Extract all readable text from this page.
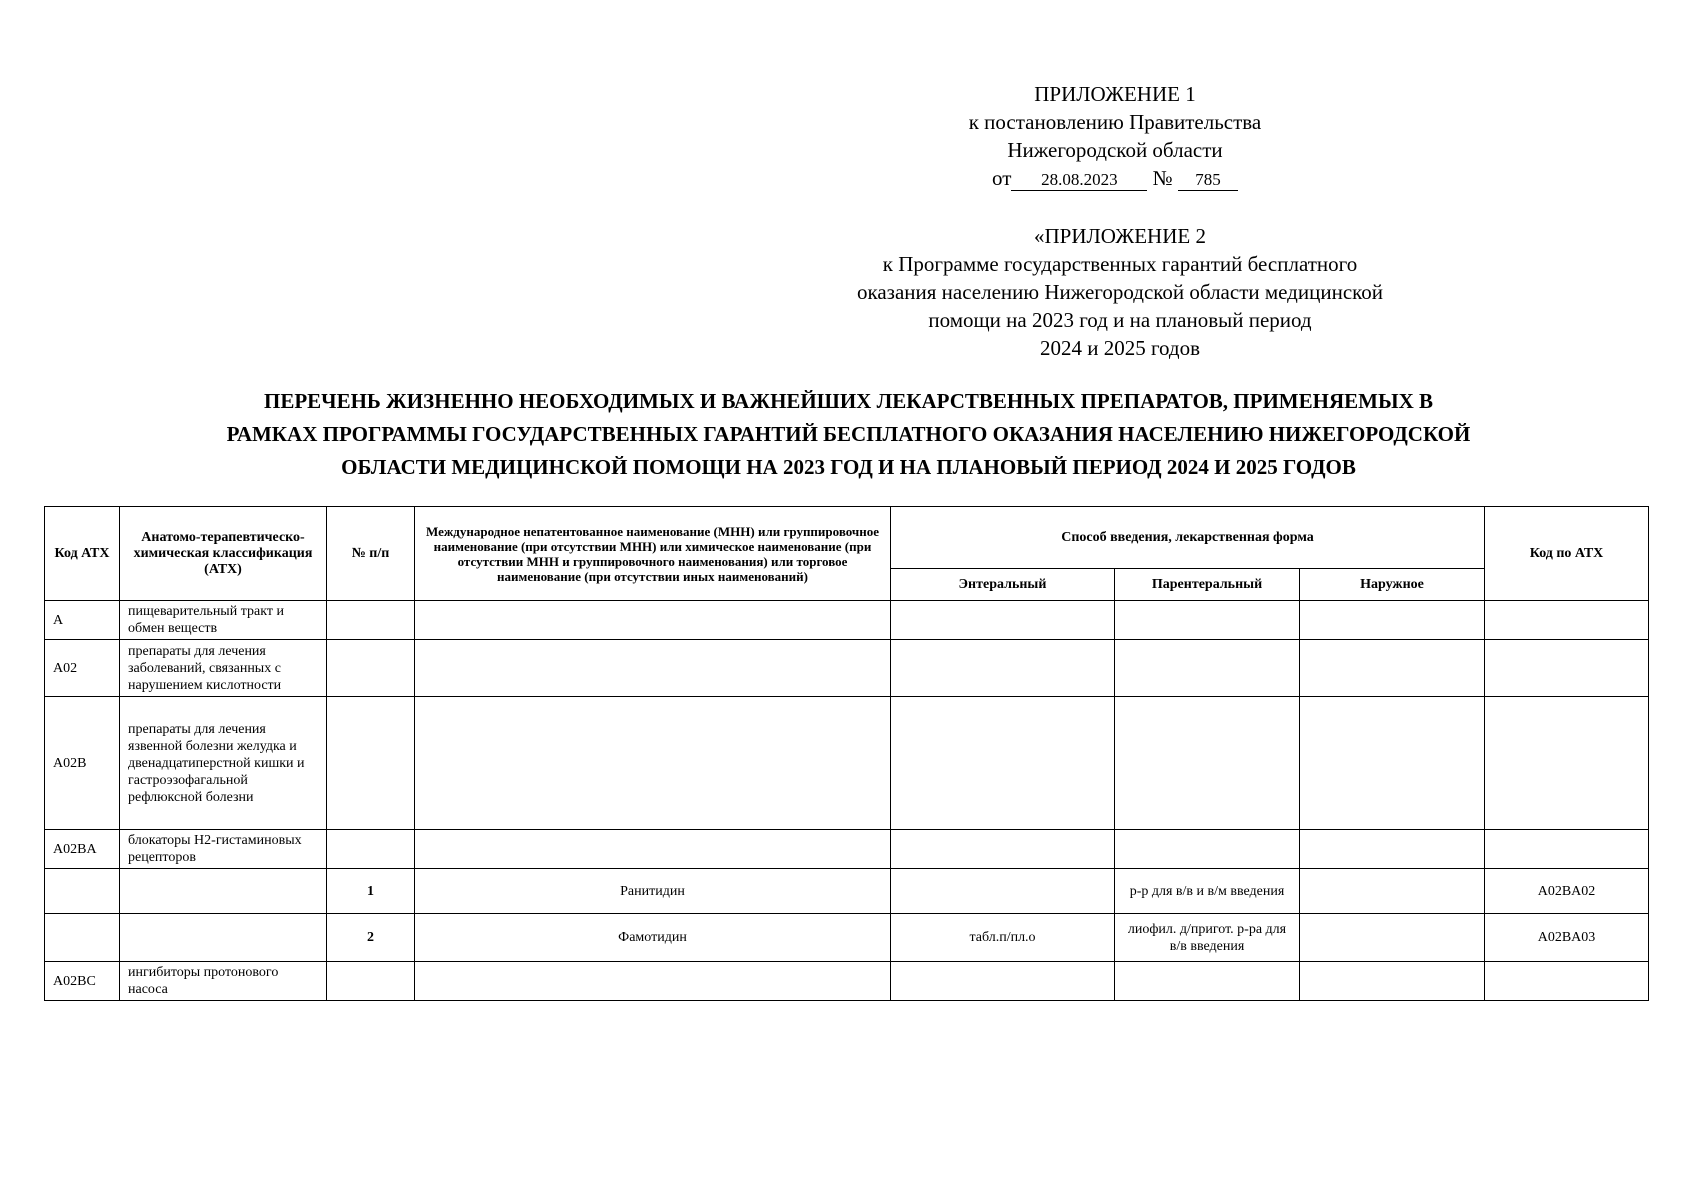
ПРИЛОЖЕНИЕ 1
к постановлению Правительства
Нижегородской области
от 28.08.2023 № 785
«ПРИЛОЖЕНИЕ 2
к Программе государственных гарантий бесплатного
оказания населению Нижегородской области медицинской
помощи на 2023 год и на плановый период
2024 и 2025 годов
ПЕРЕЧЕНЬ ЖИЗНЕННО НЕОБХОДИМЫХ И ВАЖНЕЙШИХ ЛЕКАРСТВЕННЫХ ПРЕПАРАТОВ, ПРИМЕНЯЕМЫХ В
РАМКАХ ПРОГРАММЫ ГОСУДАРСТВЕННЫХ ГАРАНТИЙ БЕСПЛАТНОГО ОКАЗАНИЯ НАСЕЛЕНИЮ НИЖЕГОРОДСКОЙ
ОБЛАСТИ МЕДИЦИНСКОЙ ПОМОЩИ НА 2023 ГОД И НА ПЛАНОВЫЙ ПЕРИОД 2024 И 2025 ГОДОВ
Код АТХ	Анатомо-терапевтическо-химическая классификация (АТХ)	№ п/п	Международное непатентованное наименование (МНН) или группировочное наименование (при отсутствии МНН) или химическое наименование (при отсутствии МНН и группировочного наименования) или торговое наименование (при отсутствии иных наименований)	Способ введения, лекарственная форма			Код по АТХ
				Энтеральный	Парентеральный	Наружное	
A	пищеварительный тракт и обмен веществ						
A02	препараты для лечения заболеваний, связанных с нарушением кислотности						
A02B	препараты для лечения язвенной болезни желудка и двенадцатиперстной кишки и гастроэзофагальной рефлюксной болезни						
A02BA	блокаторы H2-гистаминовых рецепторов						
		1	Ранитидин		р-р для в/в и в/м введения		A02BA02
		2	Фамотидин	табл.п/пл.о	лиофил. д/пригот. р-ра для в/в введения		A02BA03
A02BC	ингибиторы протонового насоса						
